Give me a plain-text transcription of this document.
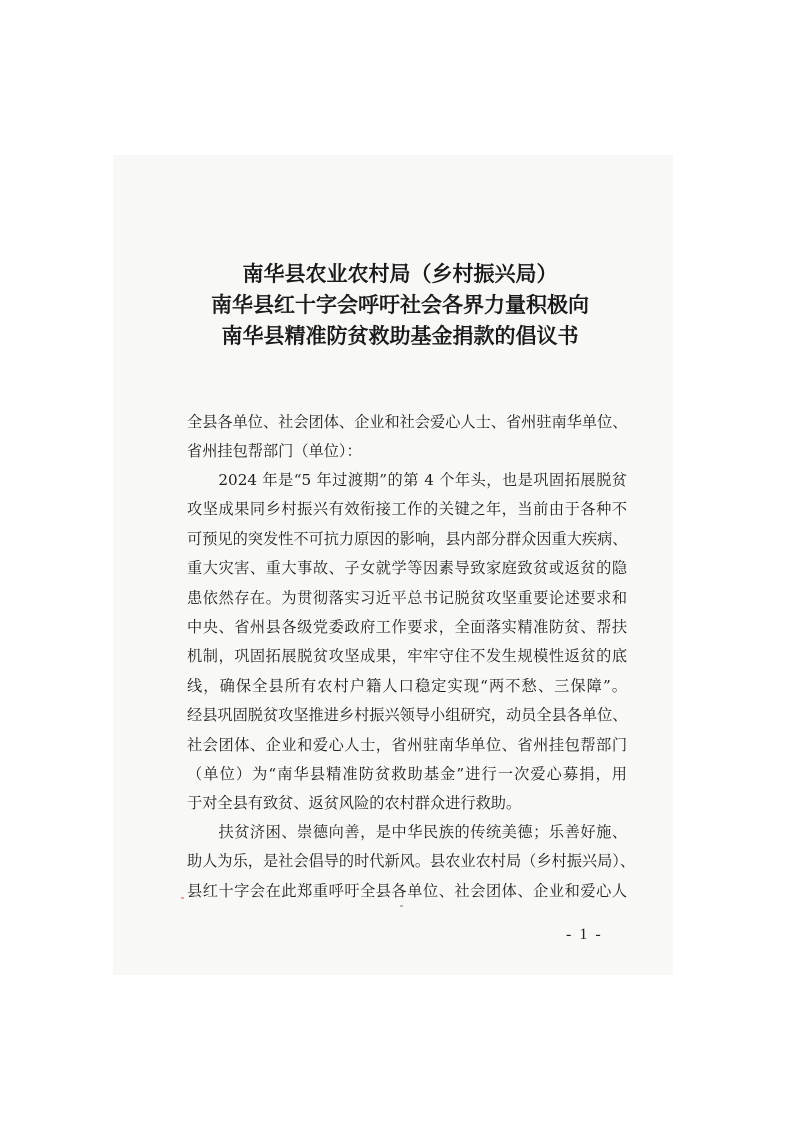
南华县农业农村局（乡村振兴局）
南华县红十字会呼吁社会各界力量积极向
南华县精准防贫救助基金捐款的倡议书
全县各单位、社会团体、企业和社会爱心人士、省州驻南华单位、
省州挂包帮部门（单位）：
　　2024 年是“5 年过渡期”的第 4 个年头，也是巩固拓展脱贫
攻坚成果同乡村振兴有效衔接工作的关键之年，当前由于各种不
可预见的突发性不可抗力原因的影响，县内部分群众因重大疾病、
重大灾害、重大事故、子女就学等因素导致家庭致贫或返贫的隐
患依然存在。为贯彻落实习近平总书记脱贫攻坚重要论述要求和
中央、省州县各级党委政府工作要求，全面落实精准防贫、帮扶
机制，巩固拓展脱贫攻坚成果，牢牢守住不发生规模性返贫的底
线，确保全县所有农村户籍人口稳定实现“两不愁、三保障”。
经县巩固脱贫攻坚推进乡村振兴领导小组研究，动员全县各单位、
社会团体、企业和爱心人士，省州驻南华单位、省州挂包帮部门
（单位）为“南华县精准防贫救助基金”进行一次爱心募捐，用
于对全县有致贫、返贫风险的农村群众进行救助。
　　扶贫济困、崇德向善，是中华民族的传统美德；乐善好施、
助人为乐，是社会倡导的时代新风。县农业农村局（乡村振兴局）、
县红十字会在此郑重呼吁全县各单位、社会团体、企业和爱心人
- 1 -
